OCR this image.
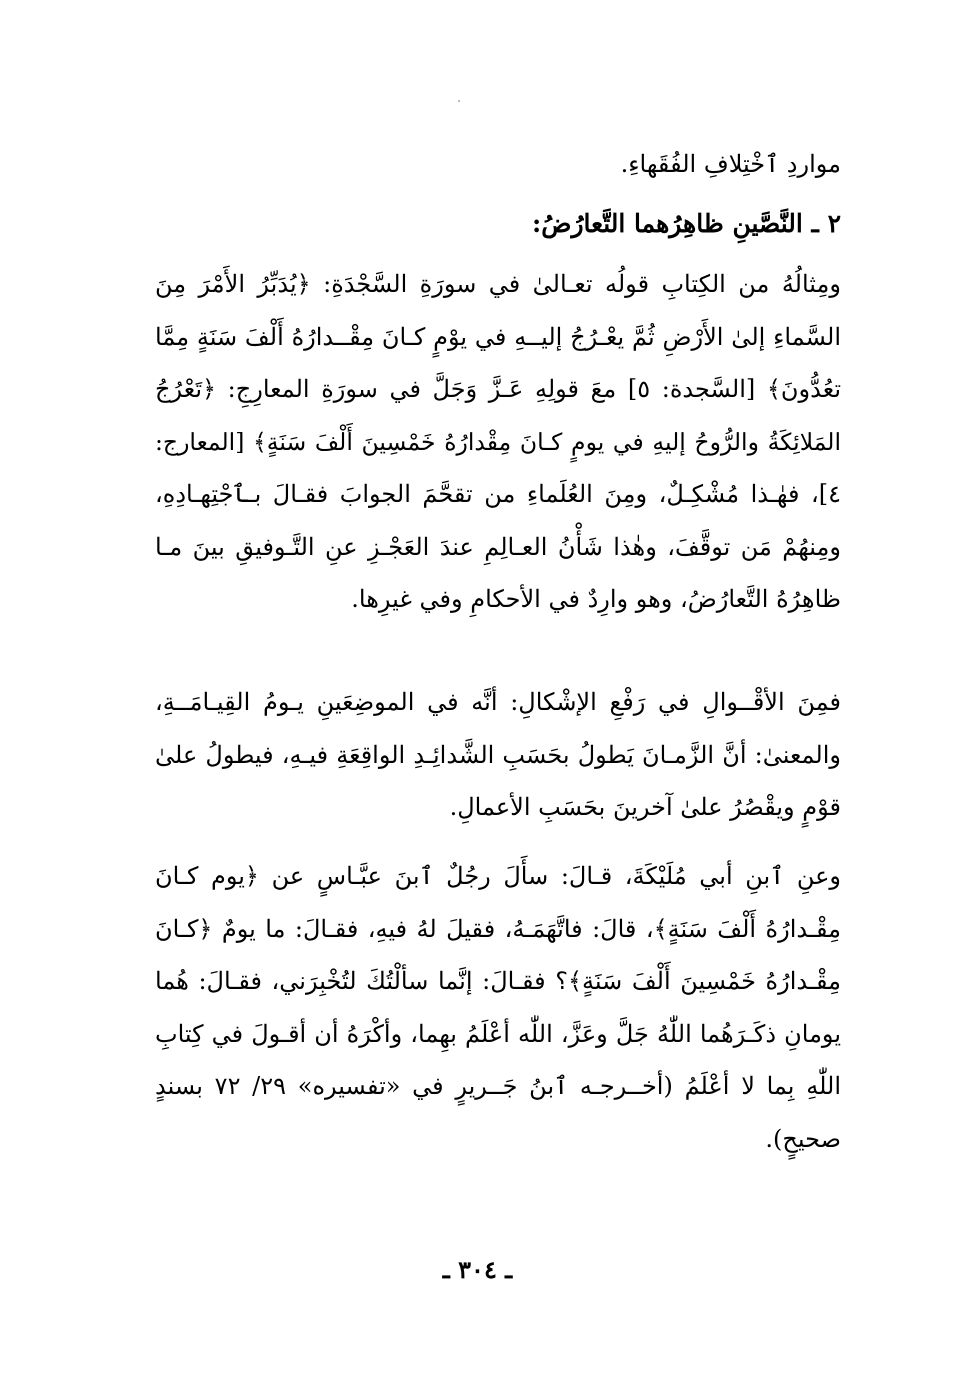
مواردِ ٱخْتِلافِ الفُقَهاءِ.
٢ ـ النَّصَّينِ ظاهِرُهما التَّعارُضُ:
ومِثالُهُ من الكِتابِ قولُه تعـالىٰ في سورَةِ السَّجْدَةِ: ﴿يُدَبِّرُ الأَمْرَ مِنَ
السَّماءِ إلىٰ الأَرْضِ ثُمَّ يعْـرُجُ إليــهِ في يوْمٍ كـانَ مِقْــدارُهُ أَلْفَ سَنَةٍ مِمَّا
تعُدُّونَ﴾ [السَّجدة: ٥] معَ قولِهِ عَـزَّ وَجَلَّ في سورَةِ المعارِجِ: ﴿تَعْرُجُ
المَلائِكَةُ والرُّوحُ إليهِ في يومٍ كـانَ مِقْدارُهُ خَمْسِينَ أَلْفَ سَنَةٍ﴾ [المعارج:
٤]، فهٰـذا مُشْكِـلٌ، ومِنَ العُلَماءِ من تقحَّمَ الجوابَ فقـالَ بـٱجْتِهـادِهِ،
ومِنهُمْ مَن توقَّفَ، وهٰذا شَأْنُ العـالِمِ عندَ العَجْـزِ عنِ التَّـوفيقِ بينَ مـا
ظاهِرُهُ التَّعارُضُ، وهو وارِدٌ في الأحكامِ وفي غيرِها.
فمِنَ الأقْــوالِ في رَفْعِ الإشْكالِ: أنَّه في الموضِعَينِ يـومُ القِيـامَــةِ،
والمعنىٰ: أنَّ الزَّمـانَ يَطولُ بحَسَبِ الشَّدائِـدِ الواقِعَةِ فيـهِ، فيطولُ علىٰ
قوْمٍ ويقْصُرُ علىٰ آخرينَ بحَسَبِ الأعمالِ.
وعنِ ٱبنِ أبي مُلَيْكَةَ، قـالَ: سأَلَ رجُلٌ ٱبنَ عبَّـاسٍ عن ﴿يوم كـانَ
مِقْـدارُهُ أَلْفَ سَنَةٍ﴾، قالَ: فاتَّهَمَـهُ، فقيلَ لهُ فيهِ، فقـالَ: ما يومٌ ﴿كـانَ
مِقْـدارُهُ خَمْسِينَ أَلْفَ سَنَةٍ﴾؟ فقـالَ: إنَّما سألْتُكَ لتُخْبِرَني، فقـالَ: هُما
يومانِ ذكَـرَهُما اللّٰهُ جَلَّ وعَزَّ، اللّٰه أعْلَمُ بهِما، وأكْرَهُ أن أقـولَ في كِتابِ
اللّٰهِ بِما لا أعْلَمُ (أخــرجـه ٱبنُ جَــريرٍ في «تفسيره» ٢٩/ ٧٢ بسندٍ
صحيحٍ).
ـ ٣٠٤ ـ
